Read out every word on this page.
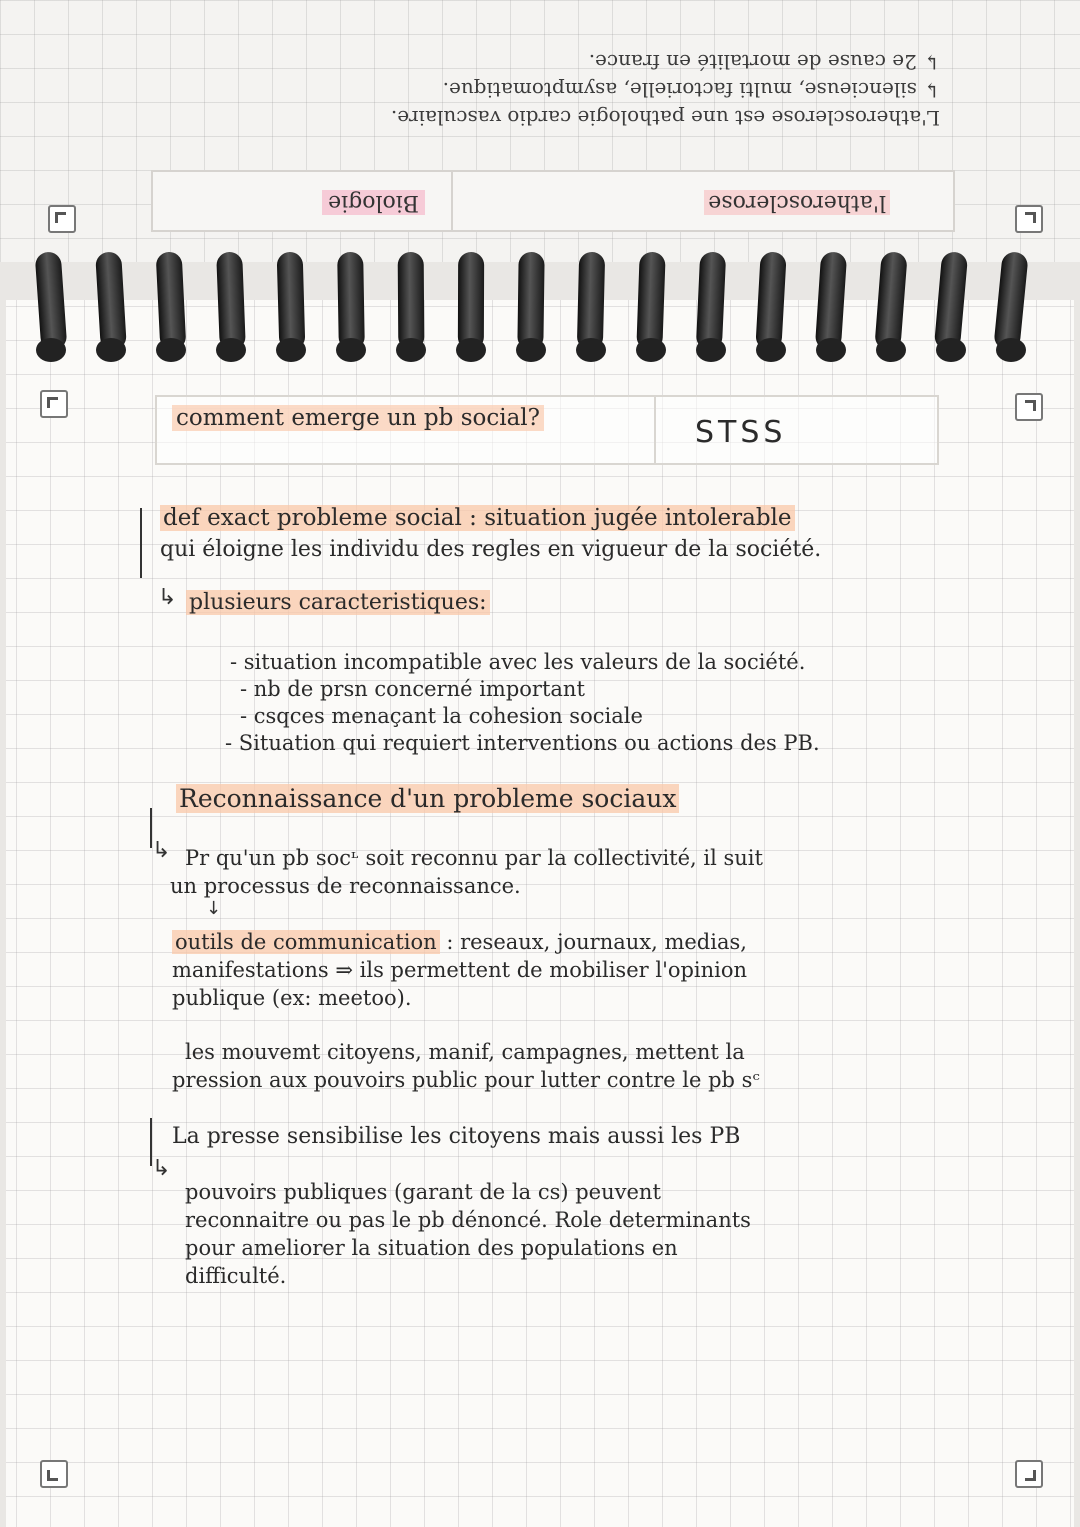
l'atherosclerose
Biologie
L'atherosclerose est une pathologie cardio vasculaire.
↳ silencieuse, multi factorielle, asymptomatique.
↳ 2e cause de mortalité en france.
comment emerge un pb social?	STSS
def exact probleme social : situation jugée intolerable
qui éloigne les individu des regles en vigueur de la société.
↳ plusieurs caracteristiques:
- situation incompatible avec les valeurs de la société.
- nb de prsn concerné important
- csqces menaçant la cohesion sociale
- Situation qui requiert interventions ou actions des PB.
Reconnaissance d'un probleme sociaux
↳ Pr qu'un pb socᶫ soit reconnu par la collectivité, il suit
un processus de reconnaissance.
↓
outils de communication : reseaux, journaux, medias,
manifestations ⇒ ils permettent de mobiliser l'opinion
publique (ex: meetoo).
les mouvemt citoyens, manif, campagnes, mettent la
pression aux pouvoirs public pour lutter contre le pb sᶜ
La presse sensibilise les citoyens mais aussi les PB
↳
pouvoirs publiques (garant de la cs) peuvent
reconnaitre ou pas le pb dénoncé. Role determinants
pour ameliorer la situation des populations en
difficulté.
